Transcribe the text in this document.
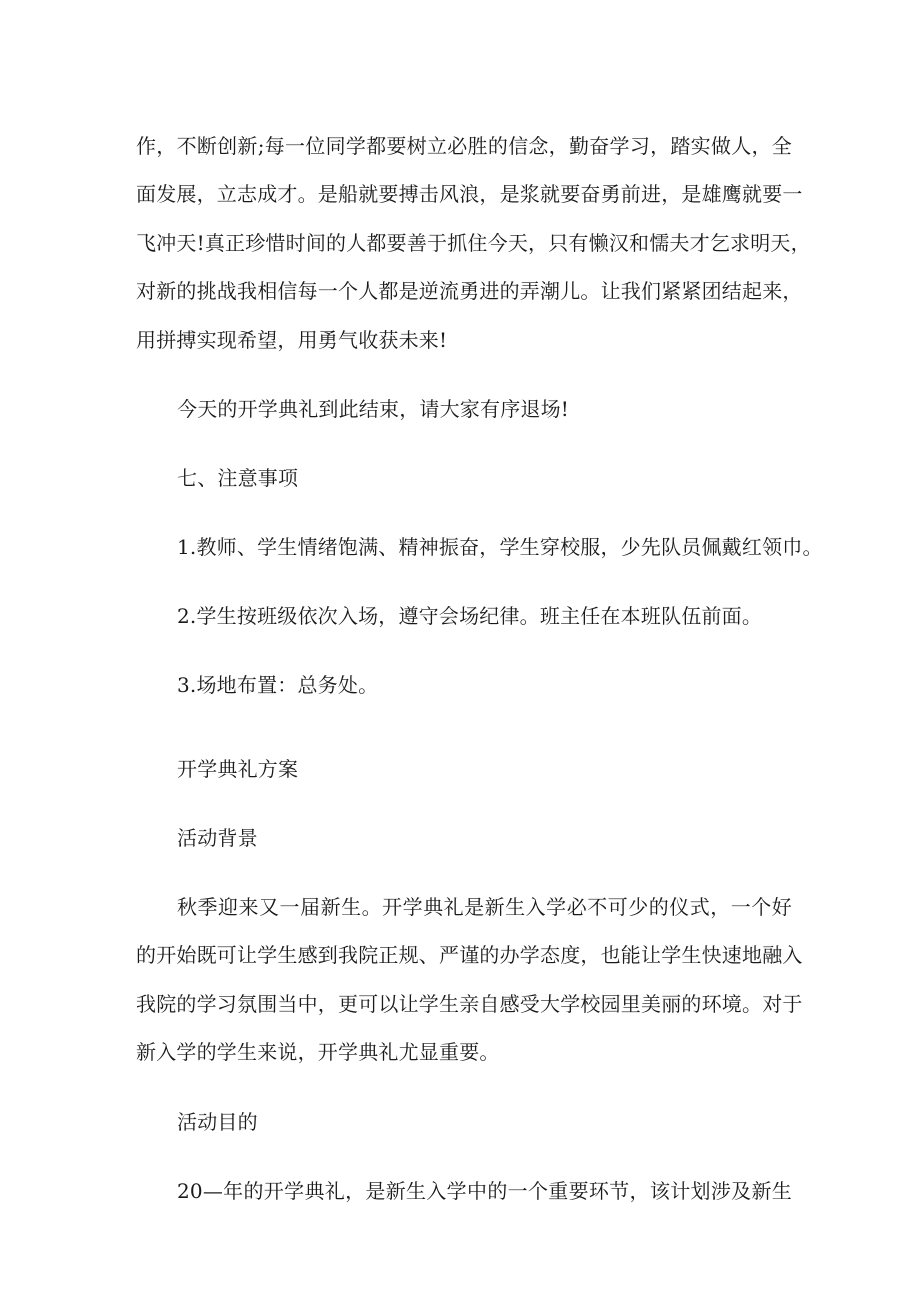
作，不断创新;每一位同学都要树立必胜的信念，勤奋学习，踏实做人，全
面发展，立志成才。是船就要搏击风浪，是浆就要奋勇前进，是雄鹰就要一
飞冲天!真正珍惜时间的人都要善于抓住今天，只有懒汉和懦夫才乞求明天，
对新的挑战我相信每一个人都是逆流勇进的弄潮儿。让我们紧紧团结起来，
用拼搏实现希望，用勇气收获未来!
今天的开学典礼到此结束，请大家有序退场!
七、注意事项
1.教师、学生情绪饱满、精神振奋，学生穿校服，少先队员佩戴红领巾。
2.学生按班级依次入场，遵守会场纪律。班主任在本班队伍前面。
3.场地布置：总务处。
开学典礼方案
活动背景
秋季迎来又一届新生。开学典礼是新生入学必不可少的仪式，一个好
的开始既可让学生感到我院正规、严谨的办学态度，也能让学生快速地融入
我院的学习氛围当中，更可以让学生亲自感受大学校园里美丽的环境。对于
新入学的学生来说，开学典礼尤显重要。
活动目的
20—年的开学典礼，是新生入学中的一个重要环节，该计划涉及新生
